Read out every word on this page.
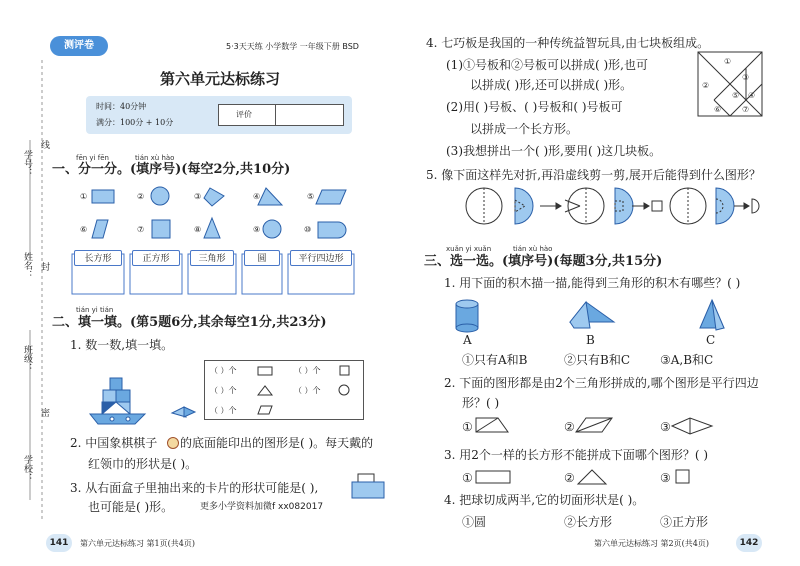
学号：
线
姓名： 封
班级：
密
学校：
测评卷	5·3天天练 小学数学 一年级下册 BSD
第六单元达标练习
时间：40分钟
满分：100分 + 10分
评价
fēn yi fēn	tián xù hào
一、分一分。(填序号)(每空2分,共10分)
①	②	③	④	⑤
⑥	⑦	⑧	⑨	⑩
长方形	正方形	三角形	圆	平行四边形
tián yi tián
二、填一填。(第5题6分,其余每空1分,共23分)
1. 数一数,填一填。
（ ）个	（ ）个
（ ）个	（ ）个
（ ）个
2. 中国象棋棋子 的底面能印出的图形是( )。每天戴的
红领巾的形状是( )。
3. 从右面盒子里抽出来的卡片的形状可能是( ),
也可能是( )形。	更多小学资料加微f xx082017
4. 七巧板是我国的一种传统益智玩具,由七块板组成。
(1)①号板和②号板可以拼成( )形,也可
以拼成( )形,还可以拼成( )形。
(2)用( )号板、( )号板和( )号板可
以拼成一个长方形。
(3)我想拼出一个( )形,要用( )这几块板。
①
②
③
④
⑤
⑥	⑦
5. 像下面这样先对折,再沿虚线剪一剪,展开后能得到什么图形？
xuǎn yi xuǎn	tián xù hào
三、选一选。(填序号)(每题3分,共15分)
1. 用下面的积木描一描,能得到三角形的积木有哪些？( )
A	B	C
①只有A和B	②只有B和C ③A,B和C
2. 下面的图形都是由2个三角形拼成的,哪个图形是平行四边
形？( )
①	②	③
3. 用2个一样的长方形不能拼成下面哪个图形？( )
①	②	③
4. 把球切成两半,它的切面形状是( )。
①圆	②长方形	③正方形
141	第六单元达标练习 第1页(共4页)	第六单元达标练习 第2页(共4页)	142
